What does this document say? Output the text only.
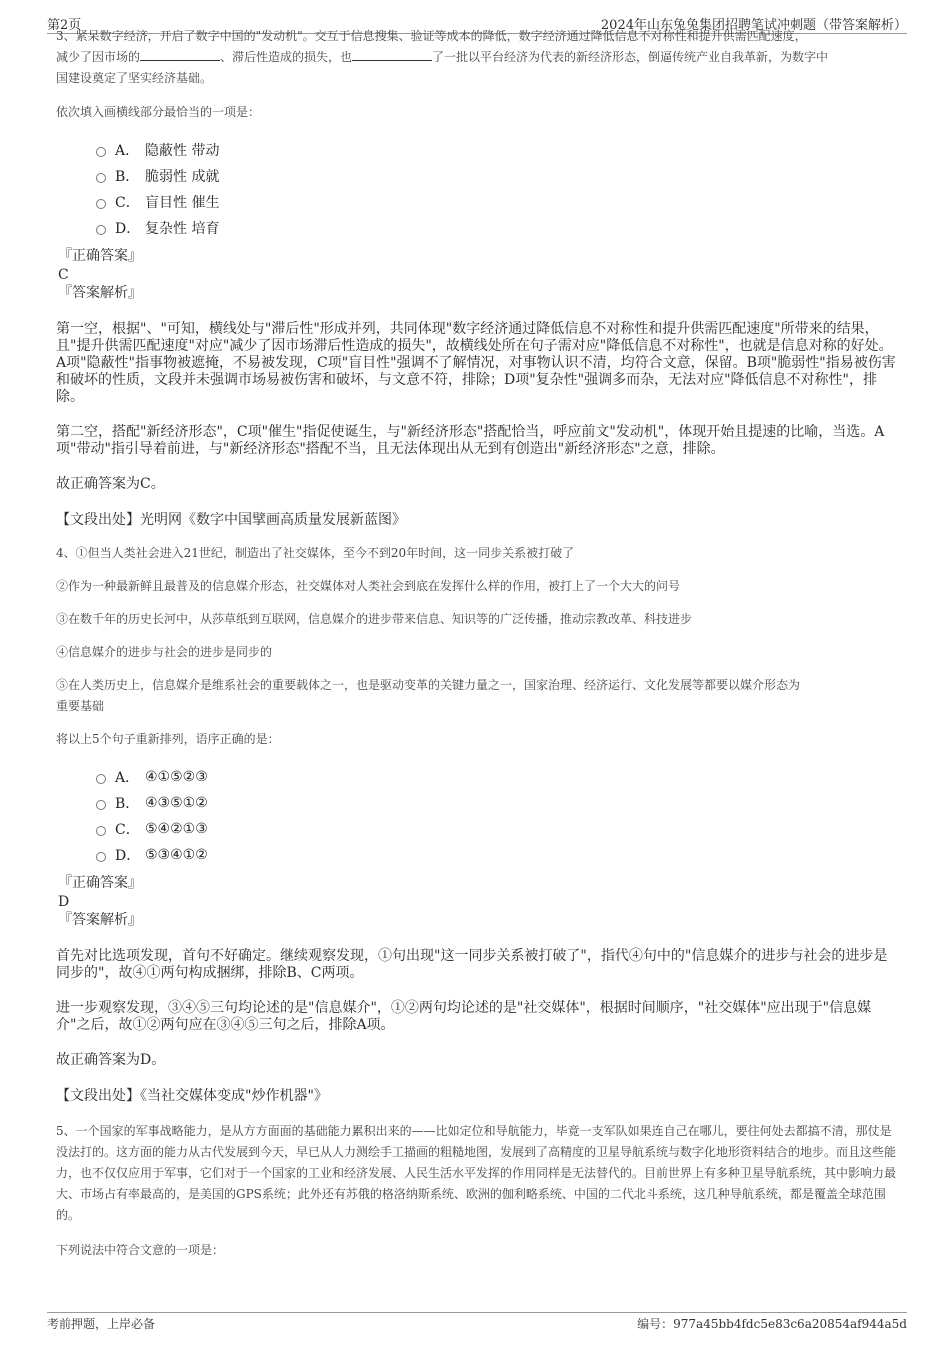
第2页	2024年山东兔兔集团招聘笔试冲刺题（带答案解析）

3、紧呆数字经济，开启了数字中国的"发动机"。交互于信息搜集、验证等成本的降低，数字经济通过降低信息不对称性和提升供需匹配速度，

减少了因市场的	、滞后性造成的损失，也	了一批以平台经济为代表的新经济形态，倒逼传统产业自我革新，为数字中

国建设奠定了坚实经济基础。

依次填入画横线部分最恰当的一项是：
A． 隐蔽性 带动
B． 脆弱性 成就
C． 盲目性 催生
D． 复杂性 培育
『正确答案』
C
『答案解析』

第一空，根据"、"可知，横线处与"滞后性"形成并列，共同体现"数字经济通过降低信息不对称性和提升供需匹配速度"所带来的结果，且"提升供需匹配速度"对应"减少了因市场滞后性造成的损失"，故横线处所在句子需对应"降低信息不对称性"，也就是信息对称的好处。A项"隐蔽性"指事物被遮掩，不易被发现，C项"盲目性"强调不了解情况，对事物认识不清，均符合文意，保留。B项"脆弱性"指易被伤害和破坏的性质，文段并未强调市场易被伤害和破坏，与文意不符，排除；D项"复杂性"强调多而杂，无法对应"降低信息不对称性"，排除。

第二空，搭配"新经济形态"，C项"催生"指促使诞生，与"新经济形态"搭配恰当，呼应前文"发动机"，体现开始且提速的比喻，当选。A项"带动"指引导着前进，与"新经济形态"搭配不当，且无法体现出从无到有创造出"新经济形态"之意，排除。

故正确答案为C。

【文段出处】光明网《数字中国擘画高质量发展新蓝图》
4、①但当人类社会进入21世纪，制造出了社交媒体，至今不到20年时间，这一同步关系被打破了
②作为一种最新鲜且最普及的信息媒介形态，社交媒体对人类社会到底在发挥什么样的作用，被打上了一个大大的问号
③在数千年的历史长河中，从莎草纸到互联网，信息媒介的进步带来信息、知识等的广泛传播，推动宗教改革、科技进步
④信息媒介的进步与社会的进步是同步的
⑤在人类历史上，信息媒介是维系社会的重要载体之一，也是驱动变革的关键力量之一，国家治理、经济运行、文化发展等都要以媒介形态为
重要基础
将以上5个句子重新排列，语序正确的是：
A． ④①⑤②③
B． ④③⑤①②
C． ⑤④②①③
D． ⑤③④①②
『正确答案』
D
『答案解析』

首先对比选项发现，首句不好确定。继续观察发现，①句出现"这一同步关系被打破了"，指代④句中的"信息媒介的进步与社会的进步是同步的"，故④①两句构成捆绑，排除B、C两项。

进一步观察发现，③④⑤三句均论述的是"信息媒介"，①②两句均论述的是"社交媒体"，根据时间顺序，"社交媒体"应出现于"信息媒介"之后，故①②两句应在③④⑤三句之后，排除A项。

故正确答案为D。

【文段出处】《当社交媒体变成"炒作机器"》
5、一个国家的军事战略能力，是从方方面面的基础能力累积出来的——比如定位和导航能力，毕竟一支军队如果连自己在哪儿，要往何处去都搞不清，那仗是没法打的。这方面的能力从古代发展到今天，早已从人力测绘手工描画的粗糙地图，发展到了高精度的卫星导航系统与数字化地形资料结合的地步。而且这些能力，也不仅仅应用于军事，它们对于一个国家的工业和经济发展、人民生活水平发挥的作用同样是无法替代的。目前世界上有多种卫星导航系统，其中影响力最大、市场占有率最高的，是美国的GPS系统；此外还有苏俄的格洛纳斯系统、欧洲的伽利略系统、中国的二代北斗系统，这几种导航系统，都是覆盖全球范围的。
下列说法中符合文意的一项是：
考前押题，上岸必备	编号：977a45bb4fdc5e83c6a20854af944a5d
